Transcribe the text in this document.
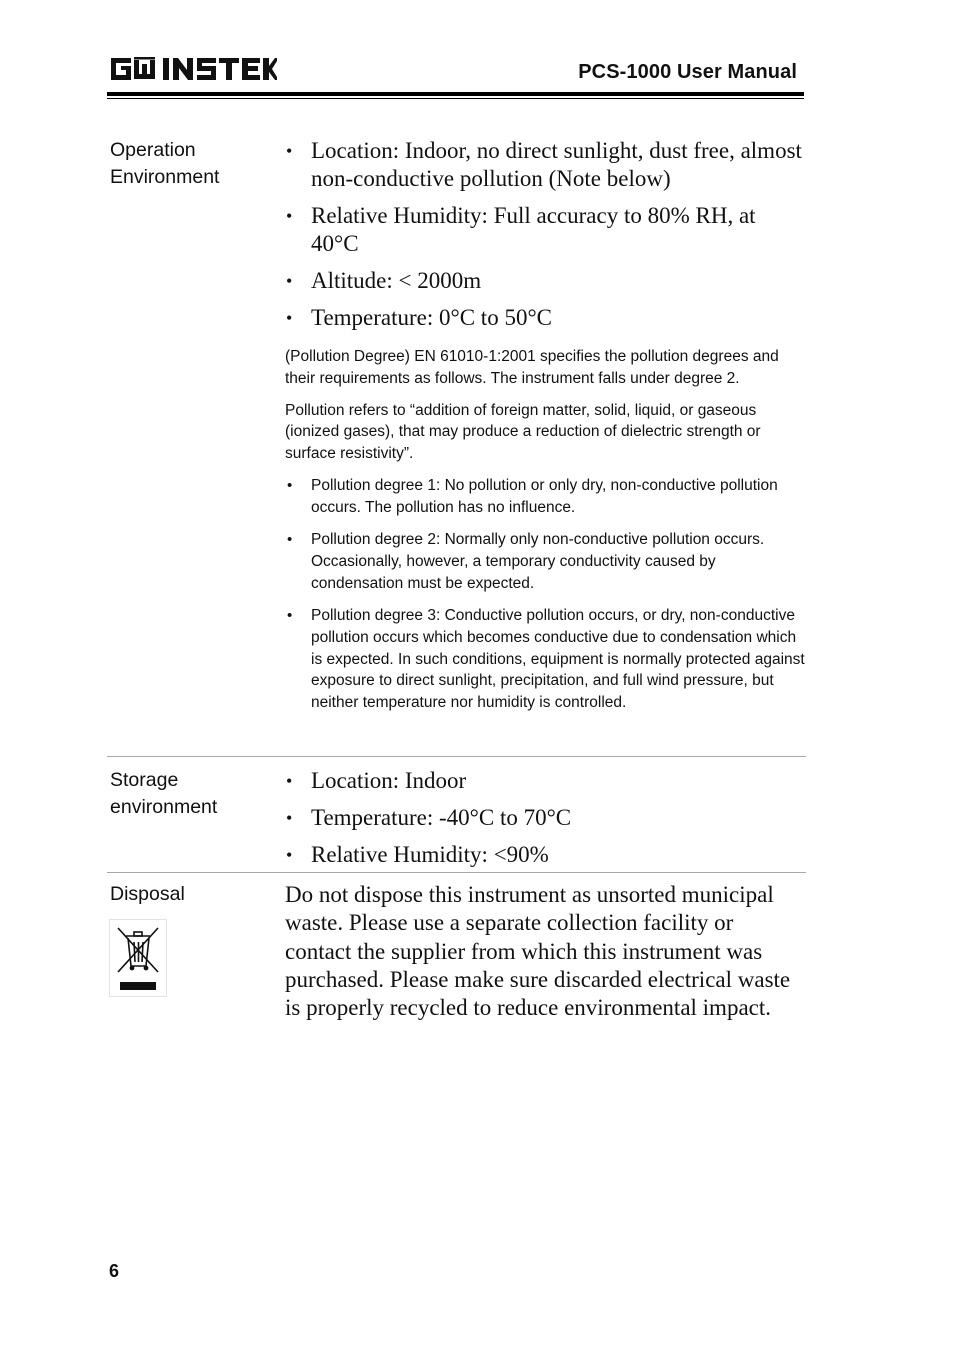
PCS-1000 User Manual
Operation
Environment
• Location: Indoor, no direct sunlight, dust free, almost non-conductive pollution (Note below)
• Relative Humidity: Full accuracy to 80% RH, at 40°C
• Altitude: < 2000m
• Temperature: 0°C to 50°C

(Pollution Degree) EN 61010-1:2001 specifies the pollution degrees and their requirements as follows. The instrument falls under degree 2.

Pollution refers to “addition of foreign matter, solid, liquid, or gaseous (ionized gases), that may produce a reduction of dielectric strength or surface resistivity”.

• Pollution degree 1: No pollution or only dry, non-conductive pollution occurs. The pollution has no influence.
• Pollution degree 2: Normally only non-conductive pollution occurs. Occasionally, however, a temporary conductivity caused by condensation must be expected.
• Pollution degree 3: Conductive pollution occurs, or dry, non-conductive pollution occurs which becomes conductive due to condensation which is expected. In such conditions, equipment is normally protected against exposure to direct sunlight, precipitation, and full wind pressure, but neither temperature nor humidity is controlled.
Storage
environment
• Location: Indoor
• Temperature: -40°C to 70°C
• Relative Humidity: <90%
Disposal	Do not dispose this instrument as unsorted municipal waste. Please use a separate collection facility or contact the supplier from which this instrument was purchased. Please make sure discarded electrical waste is properly recycled to reduce environmental impact.

6
